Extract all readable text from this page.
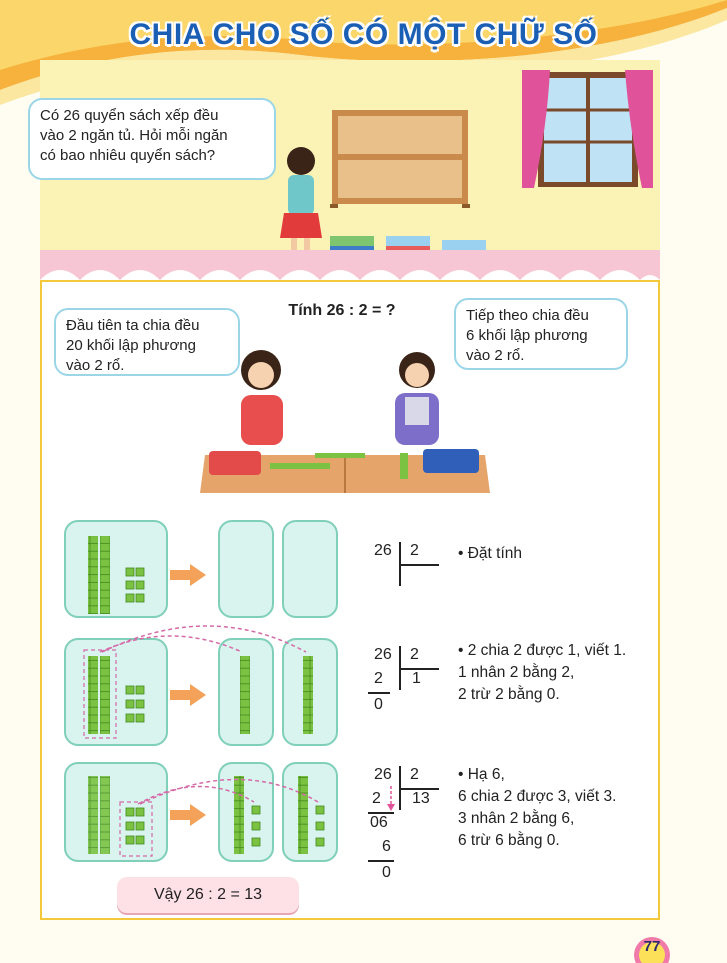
CHIA CHO SỐ CÓ MỘT CHỮ SỐ
Có 26 quyển sách xếp đều
vào 2 ngăn tủ. Hỏi mỗi ngăn
có bao nhiêu quyển sách?
Tính 26 : 2 = ?
Đầu tiên ta chia đều
20 khối lập phương
vào 2 rổ.
Tiếp theo chia đều
6 khối lập phương
vào 2 rổ.
26 2	• Đặt tính
26 2
1
2
0
• 2 chia 2 được 1, viết 1.
1 nhân 2 bằng 2,
2 trừ 2 bằng 0.
26 2
13
2
06
6
0
• Hạ 6,
6 chia 2 được 3, viết 3.
3 nhân 2 bằng 6,
6 trừ 6 bằng 0.
Vậy 26 : 2 = 13
77
